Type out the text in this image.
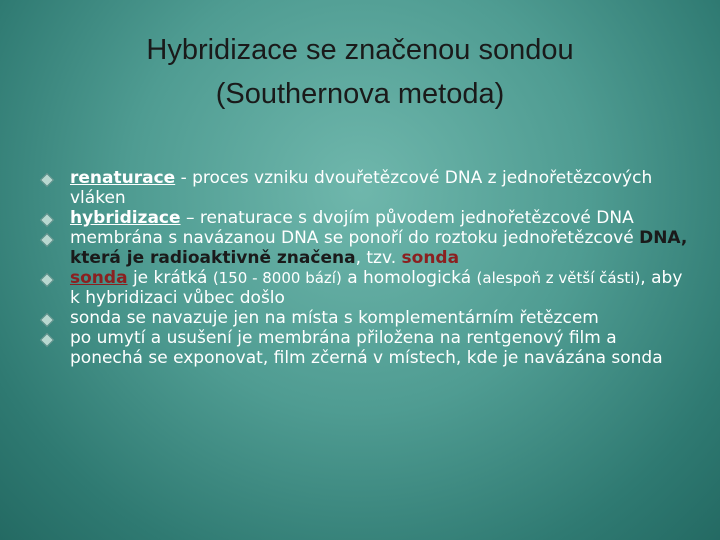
Hybridizace se značenou sondou
(Southernova metoda)
renaturace - proces vzniku dvouřetězcové DNA z jednořetězcových vláken
hybridizace – renaturace s dvojím původem jednořetězcové DNA
membrána s navázanou DNA se ponoří do roztoku jednořetězcové DNA, která je radioaktivně značena, tzv. sonda
sonda je krátká (150 - 8000 bází) a homologická (alespoň z větší části), aby k hybridizaci vůbec došlo
sonda se navazuje jen na místa s komplementárním řetězcem
po umytí a usušení je membrána přiložena na rentgenový film a ponechá se exponovat, film zčerná v místech, kde je navázána sonda
